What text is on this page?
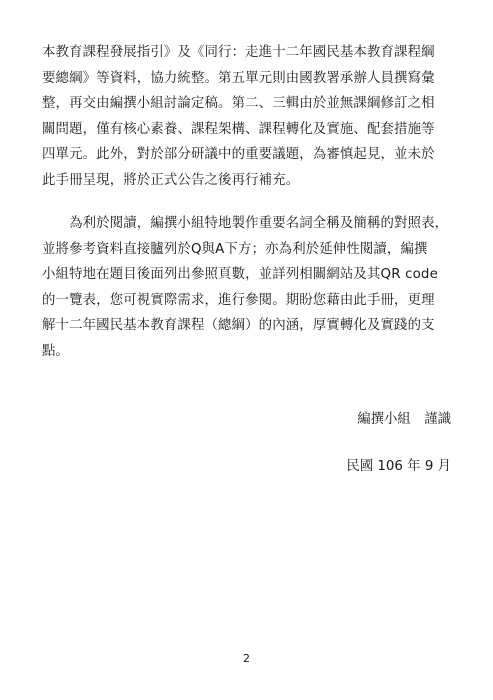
本教育課程發展指引》及《同行：走進十二年國民基本教育課程綱
要總綱》等資料，協力統整。第五單元則由國教署承辦人員撰寫彙
整，再交由編撰小組討論定稿。第二、三輯由於並無課綱修訂之相
關問題，僅有核心素養、課程架構、課程轉化及實施、配套措施等
四單元。此外，對於部分研議中的重要議題，為審慎起見，並未於
此手冊呈現，將於正式公告之後再行補充。
　　為利於閱讀，編撰小組特地製作重要名詞全稱及簡稱的對照表，
並將參考資料直接臚列於Q與A下方；亦為利於延伸性閱讀，編撰
小組特地在題目後面列出參照頁數，並詳列相關網站及其QR code
的一覽表，您可視實際需求，進行參閱。期盼您藉由此手冊，更理
解十二年國民基本教育課程（總綱）的內涵，厚實轉化及實踐的支
點。
編撰小組　謹識
民國 106 年 9 月
2
